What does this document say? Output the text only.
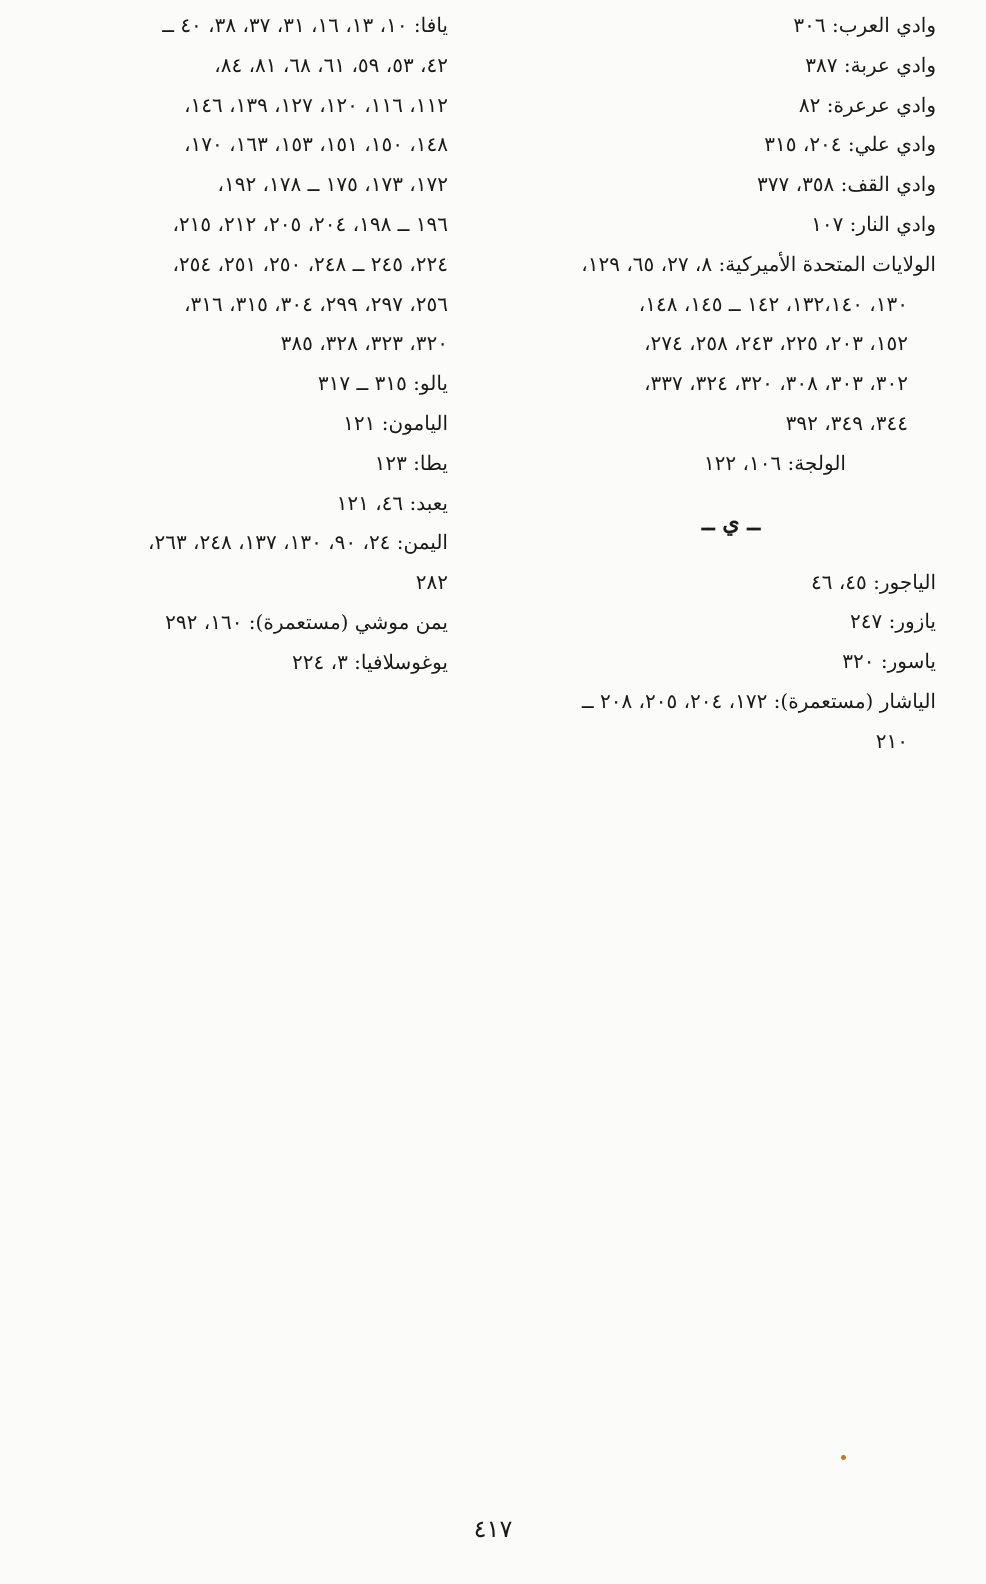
وادي العرب: ٣٠٦
وادي عربة: ٣٨٧
وادي عرعرة: ٨٢
وادي علي: ٢٠٤، ٣١٥
وادي القف: ٣٥٨، ٣٧٧
وادي النار: ١٠٧
الولايات المتحدة الأميركية: ٨، ٢٧، ٦٥، ١٢٩،
١٣٠، ١٣٢،١٤٠، ١٤٢ ــ ١٤٥، ١٤٨،
١٥٢، ٢٠٣، ٢٢٥، ٢٤٣، ٢٥٨، ٢٧٤،
٣٠٢، ٣٠٣، ٣٠٨، ٣٢٠، ٣٢٤، ٣٣٧،
٣٤٤، ٣٤٩، ٣٩٢
الولجة: ١٠٦، ١٢٢
ــ ي ــ
الياجور: ٤٥، ٤٦
يازور: ٢٤٧
ياسور: ٣٢٠
الياشار (مستعمرة): ١٧٢، ٢٠٤، ٢٠٥، ٢٠٨ ــ
٢١٠
يافا: ١٠، ١٣، ١٦، ٣١، ٣٧، ٣٨، ٤٠ ــ
٤٢، ٥٣، ٥٩، ٦١، ٦٨، ٨١، ٨٤،
١١٢، ١١٦، ١٢٠، ١٢٧، ١٣٩، ١٤٦،
١٤٨، ١٥٠، ١٥١، ١٥٣، ١٦٣، ١٧٠،
١٧٢، ١٧٣، ١٧٥ ــ ١٧٨، ١٩٢،
١٩٦ ــ ١٩٨، ٢٠٤، ٢٠٥، ٢١٢، ٢١٥،
٢٢٤، ٢٤٥ ــ ٢٤٨، ٢٥٠، ٢٥١، ٢٥٤،
٢٥٦، ٢٩٧، ٢٩٩، ٣٠٤، ٣١٥، ٣١٦،
٣٢٠، ٣٢٣، ٣٢٨، ٣٨٥
يالو: ٣١٥ ــ ٣١٧
اليامون: ١٢١
يطا: ١٢٣
يعبد: ٤٦، ١٢١
اليمن: ٢٤، ٩٠، ١٣٠، ١٣٧، ٢٤٨، ٢٦٣،
٢٨٢
يمن موشي (مستعمرة): ١٦٠، ٢٩٢
يوغوسلافيا: ٣، ٢٢٤
٤١٧
